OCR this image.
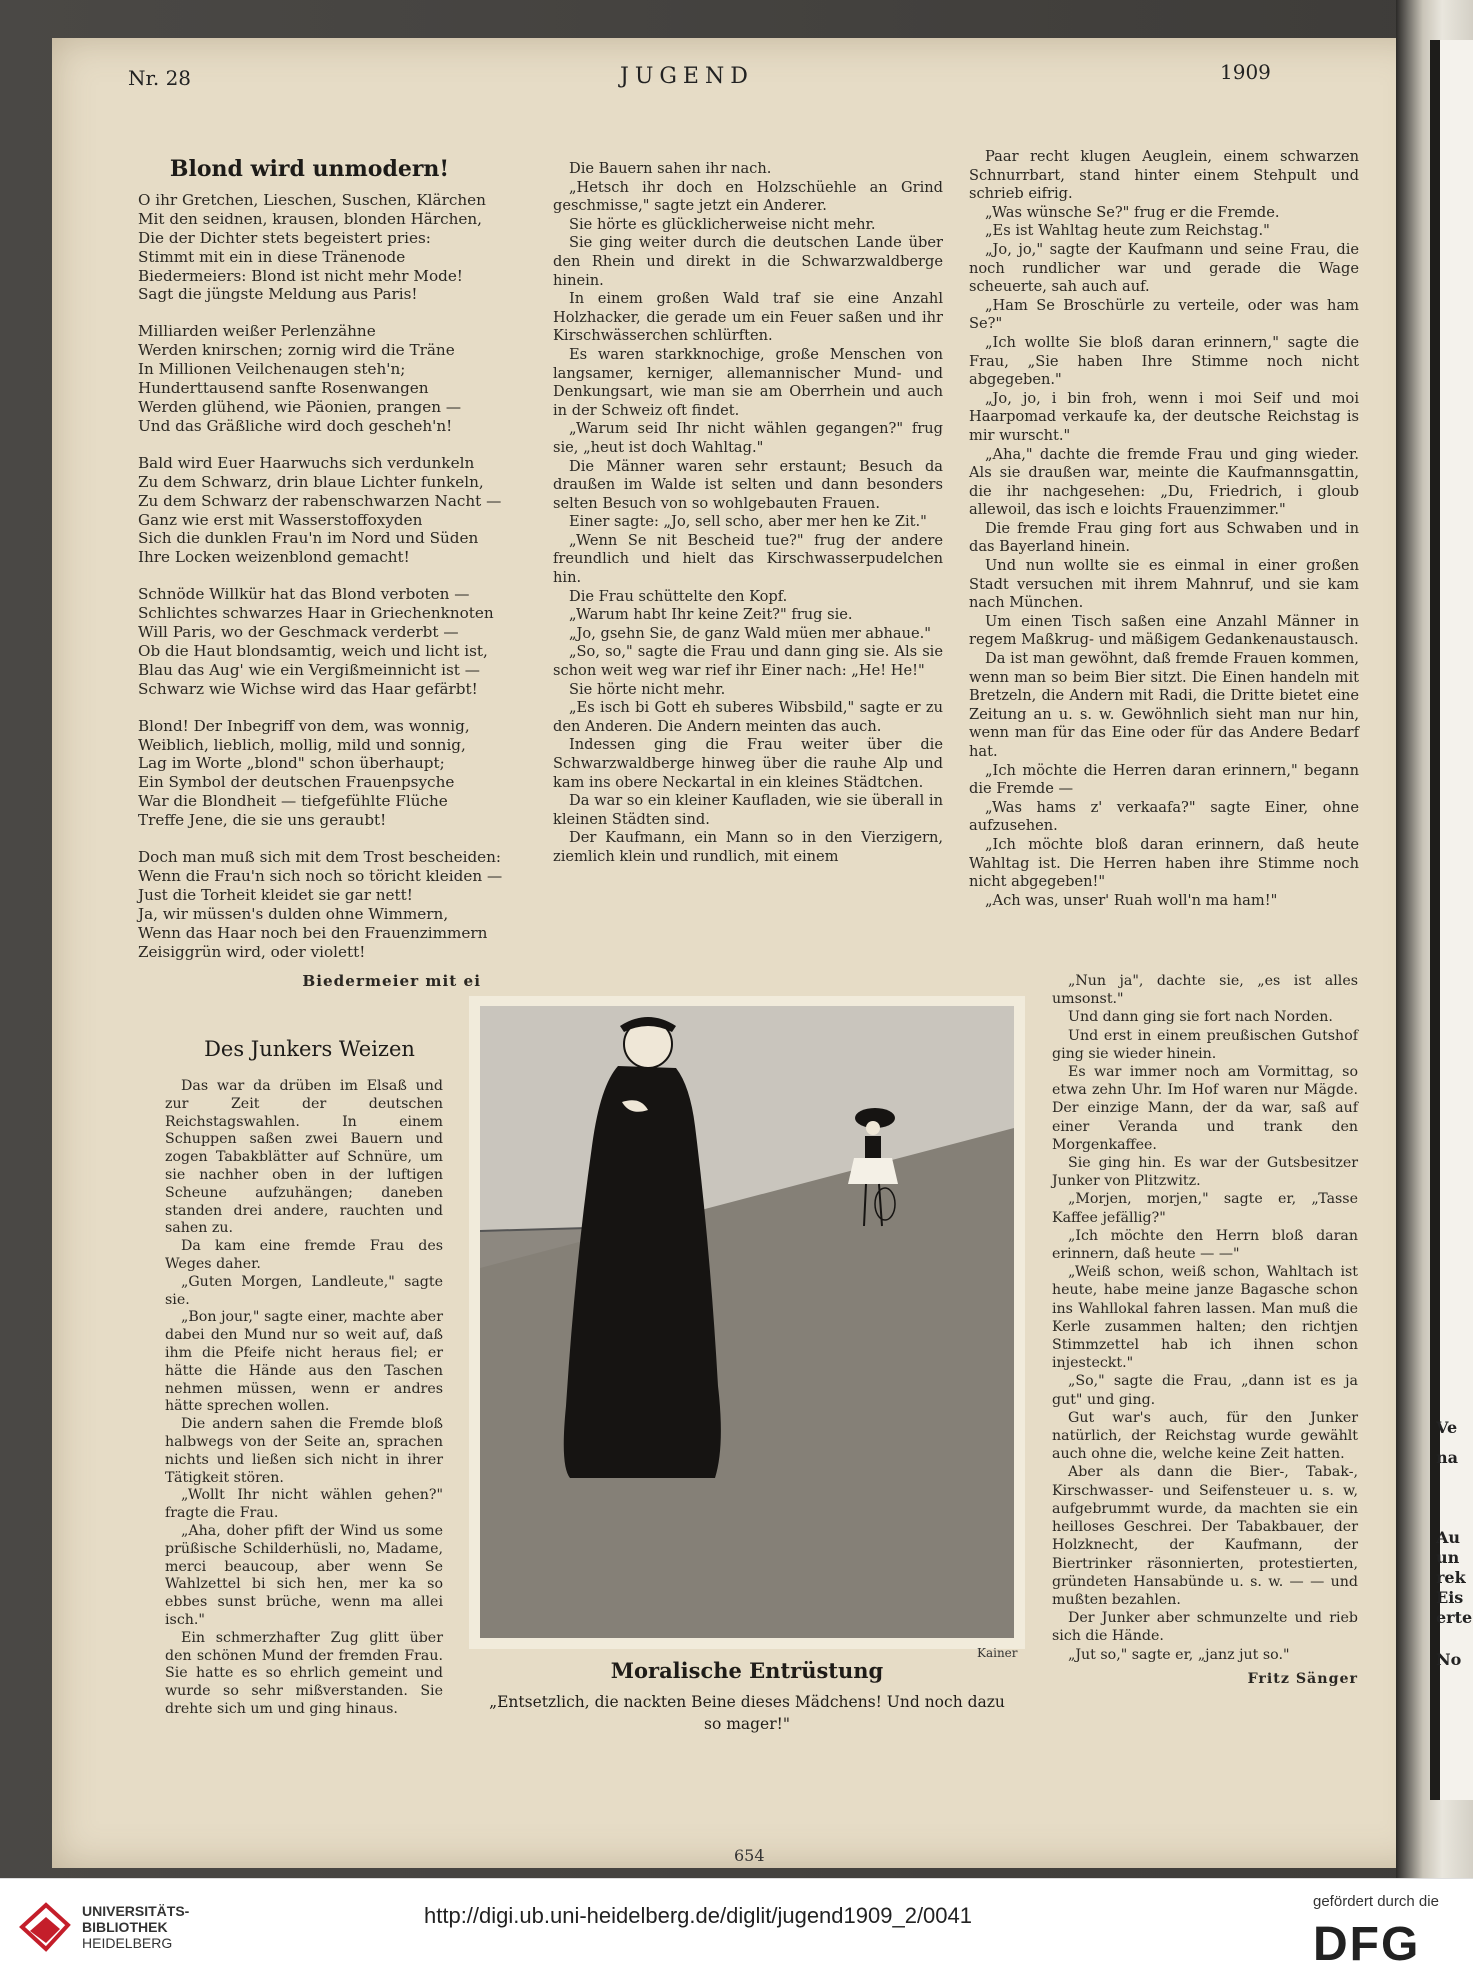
Ve
na
Au
un
rek
Eis
erte
No
Nr. 28	JUGEND	1909
Blond wird unmodern!
O ihr Gretchen, Lieschen, Suschen, Klärchen
Mit den seidnen, krausen, blonden Härchen,
Die der Dichter stets begeistert pries:
Stimmt mit ein in diese Tränenode
Biedermeiers: Blond ist nicht mehr Mode!
Sagt die jüngste Meldung aus Paris!
Milliarden weißer Perlenzähne
Werden knirschen; zornig wird die Träne
In Millionen Veilchenaugen steh'n;
Hunderttausend sanfte Rosenwangen
Werden glühend, wie Päonien, prangen —
Und das Gräßliche wird doch gescheh'n!
Bald wird Euer Haarwuchs sich verdunkeln
Zu dem Schwarz, drin blaue Lichter funkeln,
Zu dem Schwarz der rabenschwarzen Nacht —
Ganz wie erst mit Wasserstoffoxyden
Sich die dunklen Frau'n im Nord und Süden
Ihre Locken weizenblond gemacht!
Schnöde Willkür hat das Blond verboten —
Schlichtes schwarzes Haar in Griechenknoten
Will Paris, wo der Geschmack verderbt —
Ob die Haut blondsamtig, weich und licht ist,
Blau das Aug' wie ein Vergißmeinnicht ist —
Schwarz wie Wichse wird das Haar gefärbt!
Blond! Der Inbegriff von dem, was wonnig,
Weiblich, lieblich, mollig, mild und sonnig,
Lag im Worte „blond" schon überhaupt;
Ein Symbol der deutschen Frauenpsyche
War die Blondheit — tiefgefühlte Flüche
Treffe Jene, die sie uns geraubt!
Doch man muß sich mit dem Trost bescheiden:
Wenn die Frau'n sich noch so töricht kleiden —
Just die Torheit kleidet sie gar nett!
Ja, wir müssen's dulden ohne Wimmern,
Wenn das Haar noch bei den Frauenzimmern
Zeisiggrün wird, oder violett!
Biedermeier mit ei
Des Junkers Weizen

Das war da drüben im Elsaß und zur Zeit der deutschen Reichstagswahlen. In einem Schuppen saßen zwei Bauern und zogen Tabakblätter auf Schnüre, um sie nachher oben in der luftigen Scheune aufzuhängen; daneben standen drei andere, rauchten und sahen zu.

Da kam eine fremde Frau des Weges daher.

„Guten Morgen, Landleute," sagte sie.

„Bon jour," sagte einer, machte aber dabei den Mund nur so weit auf, daß ihm die Pfeife nicht heraus fiel; er hätte die Hände aus den Taschen nehmen müssen, wenn er andres hätte sprechen wollen.

Die andern sahen die Fremde bloß halbwegs von der Seite an, sprachen nichts und ließen sich nicht in ihrer Tätigkeit stören.

„Wollt Ihr nicht wählen gehen?" fragte die Frau.

„Aha, doher pfift der Wind us some prüßische Schilderhüsli, no, Madame, merci beaucoup, aber wenn Se Wahlzettel bi sich hen, mer ka so ebbes sunst brüche, wenn ma allei isch."

Ein schmerzhafter Zug glitt über den schönen Mund der fremden Frau. Sie hatte es so ehrlich gemeint und wurde so sehr mißverstanden. Sie drehte sich um und ging hinaus.

Die Bauern sahen ihr nach.

„Hetsch ihr doch en Holzschüehle an Grind geschmisse," sagte jetzt ein Anderer.

Sie hörte es glücklicherweise nicht mehr.

Sie ging weiter durch die deutschen Lande über den Rhein und direkt in die Schwarzwaldberge hinein.

In einem großen Wald traf sie eine Anzahl Holzhacker, die gerade um ein Feuer saßen und ihr Kirschwässerchen schlürften.

Es waren starkknochige, große Menschen von langsamer, kerniger, allemannischer Mund- und Denkungsart, wie man sie am Oberrhein und auch in der Schweiz oft findet.

„Warum seid Ihr nicht wählen gegangen?" frug sie, „heut ist doch Wahltag."

Die Männer waren sehr erstaunt; Besuch da draußen im Walde ist selten und dann besonders selten Besuch von so wohlgebauten Frauen.

Einer sagte: „Jo, sell scho, aber mer hen ke Zit."

„Wenn Se nit Bescheid tue?" frug der andere freundlich und hielt das Kirschwasserpudelchen hin.

Die Frau schüttelte den Kopf.

„Warum habt Ihr keine Zeit?" frug sie.

„Jo, gsehn Sie, de ganz Wald müen mer abhaue."

„So, so," sagte die Frau und dann ging sie. Als sie schon weit weg war rief ihr Einer nach: „He! He!"

Sie hörte nicht mehr.

„Es isch bi Gott eh suberes Wibsbild," sagte er zu den Anderen. Die Andern meinten das auch.

Indessen ging die Frau weiter über die Schwarzwaldberge hinweg über die rauhe Alp und kam ins obere Neckartal in ein kleines Städtchen.

Da war so ein kleiner Kaufladen, wie sie überall in kleinen Städten sind.

Der Kaufmann, ein Mann so in den Vierzigern, ziemlich klein und rundlich, mit einem

Paar recht klugen Aeuglein, einem schwarzen Schnurrbart, stand hinter einem Stehpult und schrieb eifrig.

„Was wünsche Se?" frug er die Fremde.

„Es ist Wahltag heute zum Reichstag."

„Jo, jo," sagte der Kaufmann und seine Frau, die noch rundlicher war und gerade die Wage scheuerte, sah auch auf.

„Ham Se Broschürle zu verteile, oder was ham Se?"

„Ich wollte Sie bloß daran erinnern," sagte die Frau, „Sie haben Ihre Stimme noch nicht abgegeben."

„Jo, jo, i bin froh, wenn i moi Seif und moi Haarpomad verkaufe ka, der deutsche Reichstag is mir wurscht."

„Aha," dachte die fremde Frau und ging wieder. Als sie draußen war, meinte die Kaufmannsgattin, die ihr nachgesehen: „Du, Friedrich, i gloub allewoil, das isch e loichts Frauenzimmer."

Die fremde Frau ging fort aus Schwaben und in das Bayerland hinein.

Und nun wollte sie es einmal in einer großen Stadt versuchen mit ihrem Mahnruf, und sie kam nach München.

Um einen Tisch saßen eine Anzahl Männer in regem Maßkrug- und mäßigem Gedankenaustausch.

Da ist man gewöhnt, daß fremde Frauen kommen, wenn man so beim Bier sitzt. Die Einen handeln mit Bretzeln, die Andern mit Radi, die Dritte bietet eine Zeitung an u. s. w. Gewöhnlich sieht man nur hin, wenn man für das Eine oder für das Andere Bedarf hat.

„Ich möchte die Herren daran erinnern," begann die Fremde —

„Was hams z' verkaafa?" sagte Einer, ohne aufzusehen.

„Ich möchte bloß daran erinnern, daß heute Wahltag ist. Die Herren haben ihre Stimme noch nicht abgegeben!"

„Ach was, unser' Ruah woll'n ma ham!"

„Nun ja", dachte sie, „es ist alles umsonst."

Und dann ging sie fort nach Norden.

Und erst in einem preußischen Gutshof ging sie wieder hinein.

Es war immer noch am Vormittag, so etwa zehn Uhr. Im Hof waren nur Mägde. Der einzige Mann, der da war, saß auf einer Veranda und trank den Morgenkaffee.

Sie ging hin. Es war der Gutsbesitzer Junker von Plitzwitz.

„Morjen, morjen," sagte er, „Tasse Kaffee jefällig?"

„Ich möchte den Herrn bloß daran erinnern, daß heute — —"

„Weiß schon, weiß schon, Wahltach ist heute, habe meine janze Bagasche schon ins Wahllokal fahren lassen. Man muß die Kerle zusammen halten; den richtjen Stimmzettel hab ich ihnen schon injesteckt."

„So," sagte die Frau, „dann ist es ja gut" und ging.

Gut war's auch, für den Junker natürlich, der Reichstag wurde gewählt auch ohne die, welche keine Zeit hatten.

Aber als dann die Bier-, Tabak-, Kirschwasser- und Seifensteuer u. s. w, aufgebrummt wurde, da machten sie ein heilloses Geschrei. Der Tabakbauer, der Holzknecht, der Kaufmann, der Biertrinker räsonnierten, protestierten, gründeten Hansabünde u. s. w. — — und mußten bezahlen.

Der Junker aber schmunzelte und rieb sich die Hände.

„Jut so," sagte er, „janz jut so."

Fritz Sänger
Kainer
Moralische Entrüstung
„Entsetzlich, die nackten Beine dieses Mädchens! Und noch dazu so mager!"
654
UNIVERSITÄTS-
BIBLIOTHEK
HEIDELBERG
http://digi.ub.uni-heidelberg.de/diglit/jugend1909_2/0041
gefördert durch die
DFG
